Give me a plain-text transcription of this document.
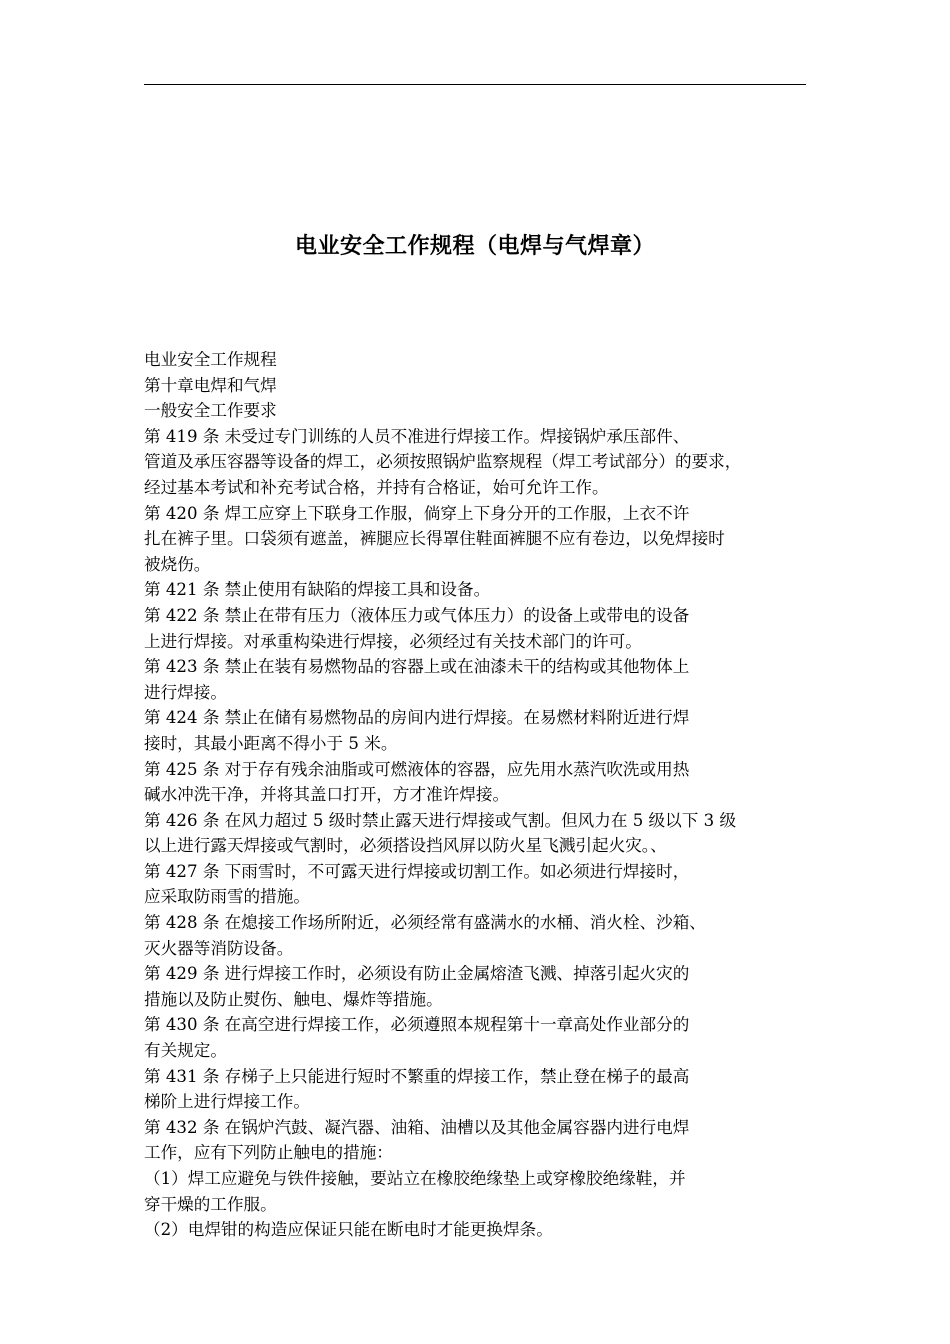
电业安全工作规程（电焊与气焊章）
电业安全工作规程
第十章电焊和气焊
一般安全工作要求
第 419 条 未受过专门训练的人员不准进行焊接工作。焊接锅炉承压部件、
管道及承压容器等设备的焊工，必须按照锅炉监察规程（焊工考试部分）的要求，
经过基本考试和补充考试合格，并持有合格证，始可允许工作。
第 420 条 焊工应穿上下联身工作服，倘穿上下身分开的工作服，上衣不许
扎在裤子里。口袋须有遮盖，裤腿应长得罩住鞋面裤腿不应有卷边，以免焊接时
被烧伤。
第 421 条 禁止使用有缺陷的焊接工具和设备。
第 422 条 禁止在带有压力（液体压力或气体压力）的设备上或带电的设备
上进行焊接。对承重构染进行焊接，必须经过有关技术部门的许可。
第 423 条 禁止在装有易燃物品的容器上或在油漆未干的结构或其他物体上
进行焊接。
第 424 条 禁止在储有易燃物品的房间内进行焊接。在易燃材料附近进行焊
接时，其最小距离不得小于 5 米。
第 425 条 对于存有残余油脂或可燃液体的容器，应先用水蒸汽吹洗或用热
碱水冲洗干净，并将其盖口打开，方才准许焊接。
第 426 条 在风力超过 5 级时禁止露天进行焊接或气割。但风力在 5 级以下 3 级
以上进行露天焊接或气割时，必须搭设挡风屏以防火星飞溅引起火灾。、
第 427 条 下雨雪时，不可露天进行焊接或切割工作。如必须进行焊接时，
应采取防雨雪的措施。
第 428 条 在熄接工作场所附近，必须经常有盛满水的水桶、消火栓、沙箱、
灭火器等消防设备。
第 429 条 进行焊接工作时，必须设有防止金属熔渣飞溅、掉落引起火灾的
措施以及防止熨伤、触电、爆炸等措施。
第 430 条 在高空进行焊接工作，必须遵照本规程第十一章高处作业部分的
有关规定。
第 431 条 存梯子上只能进行短时不繁重的焊接工作，禁止登在梯子的最高
梯阶上进行焊接工作。
第 432 条 在锅炉汽鼓、凝汽器、油箱、油槽以及其他金属容器内进行电焊
工作，应有下列防止触电的措施：
（1）焊工应避免与铁件接触，要站立在橡胶绝缘垫上或穿橡胶绝缘鞋，并
穿干燥的工作服。
（2）电焊钳的构造应保证只能在断电时才能更换焊条。
